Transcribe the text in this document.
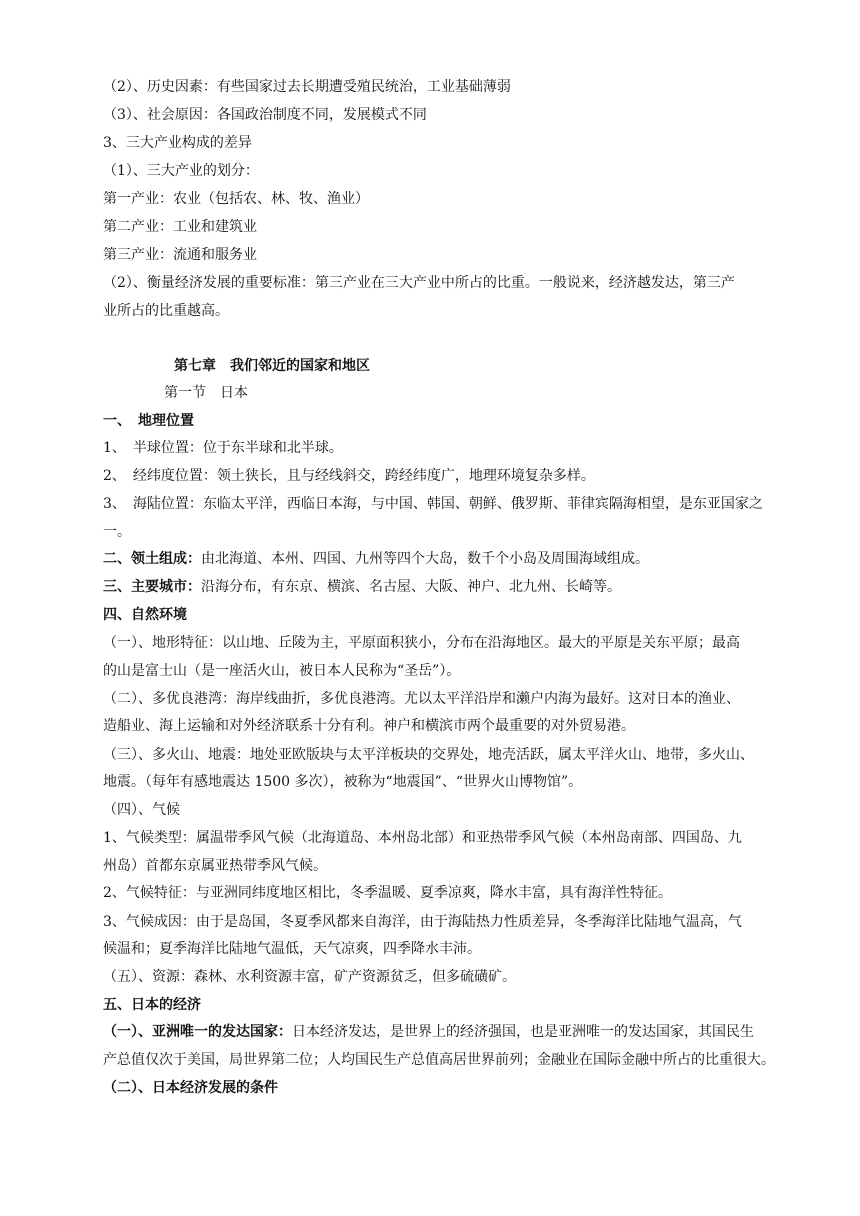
（2）、历史因素：有些国家过去长期遭受殖民统治，工业基础薄弱
（3）、社会原因：各国政治制度不同，发展模式不同
3、三大产业构成的差异
（1）、三大产业的划分：
第一产业：农业（包括农、林、牧、渔业）
第二产业：工业和建筑业
第三产业：流通和服务业
（2）、衡量经济发展的重要标准：第三产业在三大产业中所占的比重。一般说来，经济越发达，第三产
业所占的比重越高。
第七章　我们邻近的国家和地区
第一节　日本
一、　地理位置
1、　半球位置：位于东半球和北半球。
2、　经纬度位置：领土狭长，且与经线斜交，跨经纬度广，地理环境复杂多样。
3、　海陆位置：东临太平洋，西临日本海，与中国、韩国、朝鲜、俄罗斯、菲律宾隔海相望，是东亚国家之
一。
二、领土组成：由北海道、本州、四国、九州等四个大岛，数千个小岛及周围海域组成。
三、主要城市：沿海分布，有东京、横滨、名古屋、大阪、神户、北九州、长崎等。
四、自然环境
（一）、地形特征：以山地、丘陵为主，平原面积狭小，分布在沿海地区。最大的平原是关东平原；最高
的山是富士山（是一座活火山，被日本人民称为“圣岳”）。
（二）、多优良港湾：海岸线曲折，多优良港湾。尤以太平洋沿岸和濑户内海为最好。这对日本的渔业、
造船业、海上运输和对外经济联系十分有利。神户和横滨市两个最重要的对外贸易港。
（三）、多火山、地震：地处亚欧版块与太平洋板块的交界处，地壳活跃，属太平洋火山、地带，多火山、
地震。（每年有感地震达 1500 多次），被称为“地震国”、“世界火山博物馆”。
（四）、气候
1、气候类型：属温带季风气候（北海道岛、本州岛北部）和亚热带季风气候（本州岛南部、四国岛、九
州岛）首都东京属亚热带季风气候。
2、气候特征：与亚洲同纬度地区相比，冬季温暖、夏季凉爽，降水丰富，具有海洋性特征。
3、气候成因：由于是岛国，冬夏季风都来自海洋，由于海陆热力性质差异，冬季海洋比陆地气温高，气
候温和；夏季海洋比陆地气温低，天气凉爽，四季降水丰沛。
（五）、资源：森林、水利资源丰富，矿产资源贫乏，但多硫磺矿。
五、日本的经济
（一）、亚洲唯一的发达国家：日本经济发达，是世界上的经济强国，也是亚洲唯一的发达国家，其国民生
产总值仅次于美国，局世界第二位；人均国民生产总值高居世界前列；金融业在国际金融中所占的比重很大。
（二）、日本经济发展的条件
